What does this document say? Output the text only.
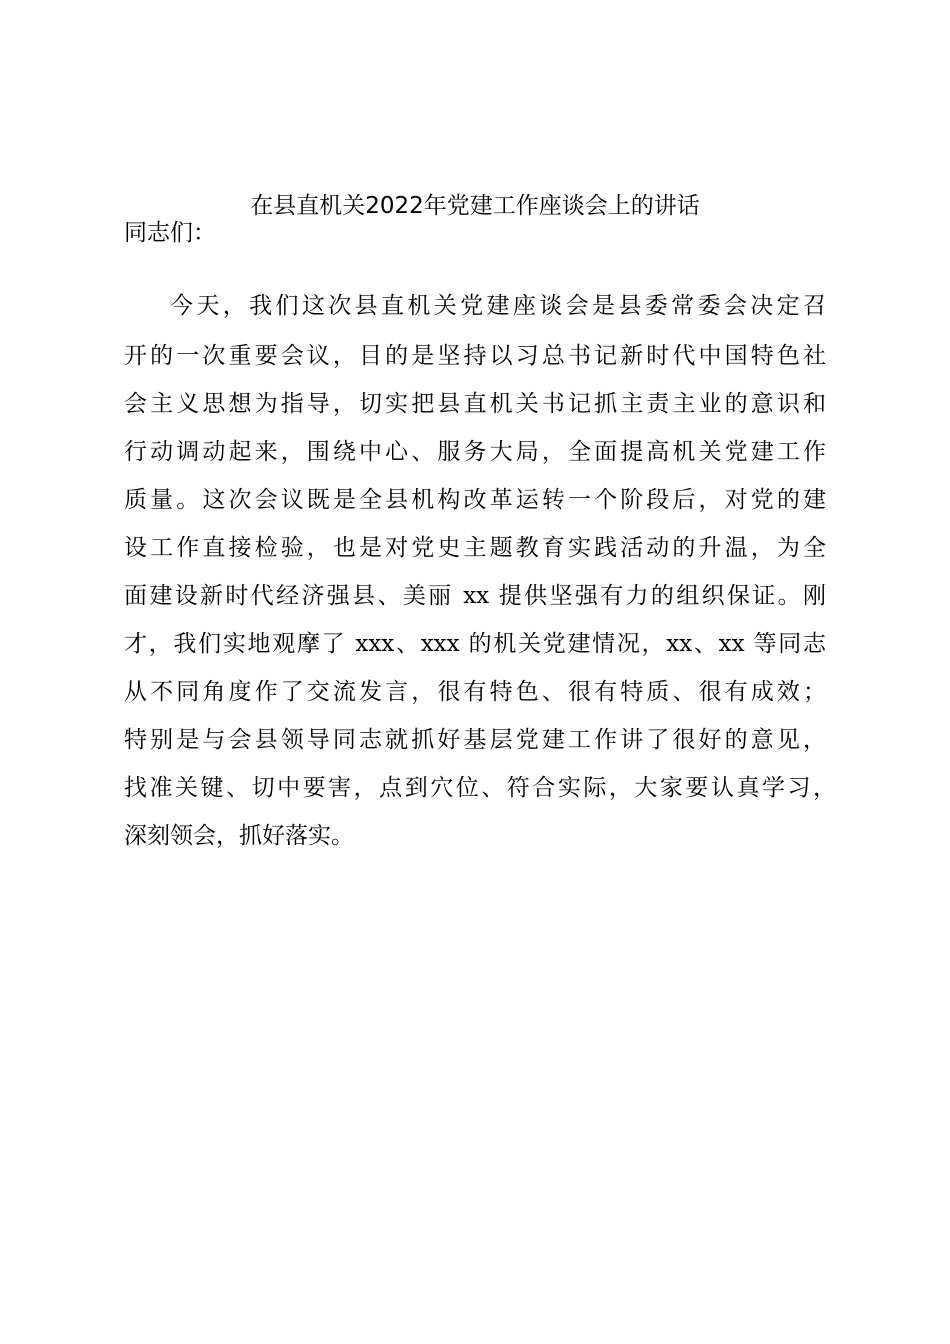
在县直机关2022年党建工作座谈会上的讲话
同志们：
今天，我们这次县直机关党建座谈会是县委常委会决定召
开的一次重要会议，目的是坚持以习总书记新时代中国特色社
会主义思想为指导，切实把县直机关书记抓主责主业的意识和
行动调动起来，围绕中心、服务大局，全面提高机关党建工作
质量。这次会议既是全县机构改革运转一个阶段后，对党的建
设工作直接检验，也是对党史主题教育实践活动的升温，为全
面建设新时代经济强县、美丽 xx 提供坚强有力的组织保证。刚
才，我们实地观摩了 xxx、xxx 的机关党建情况，xx、xx 等同志
从不同角度作了交流发言，很有特色、很有特质、很有成效；
特别是与会县领导同志就抓好基层党建工作讲了很好的意见，
找准关键、切中要害，点到穴位、符合实际，大家要认真学习，
深刻领会，抓好落实。
